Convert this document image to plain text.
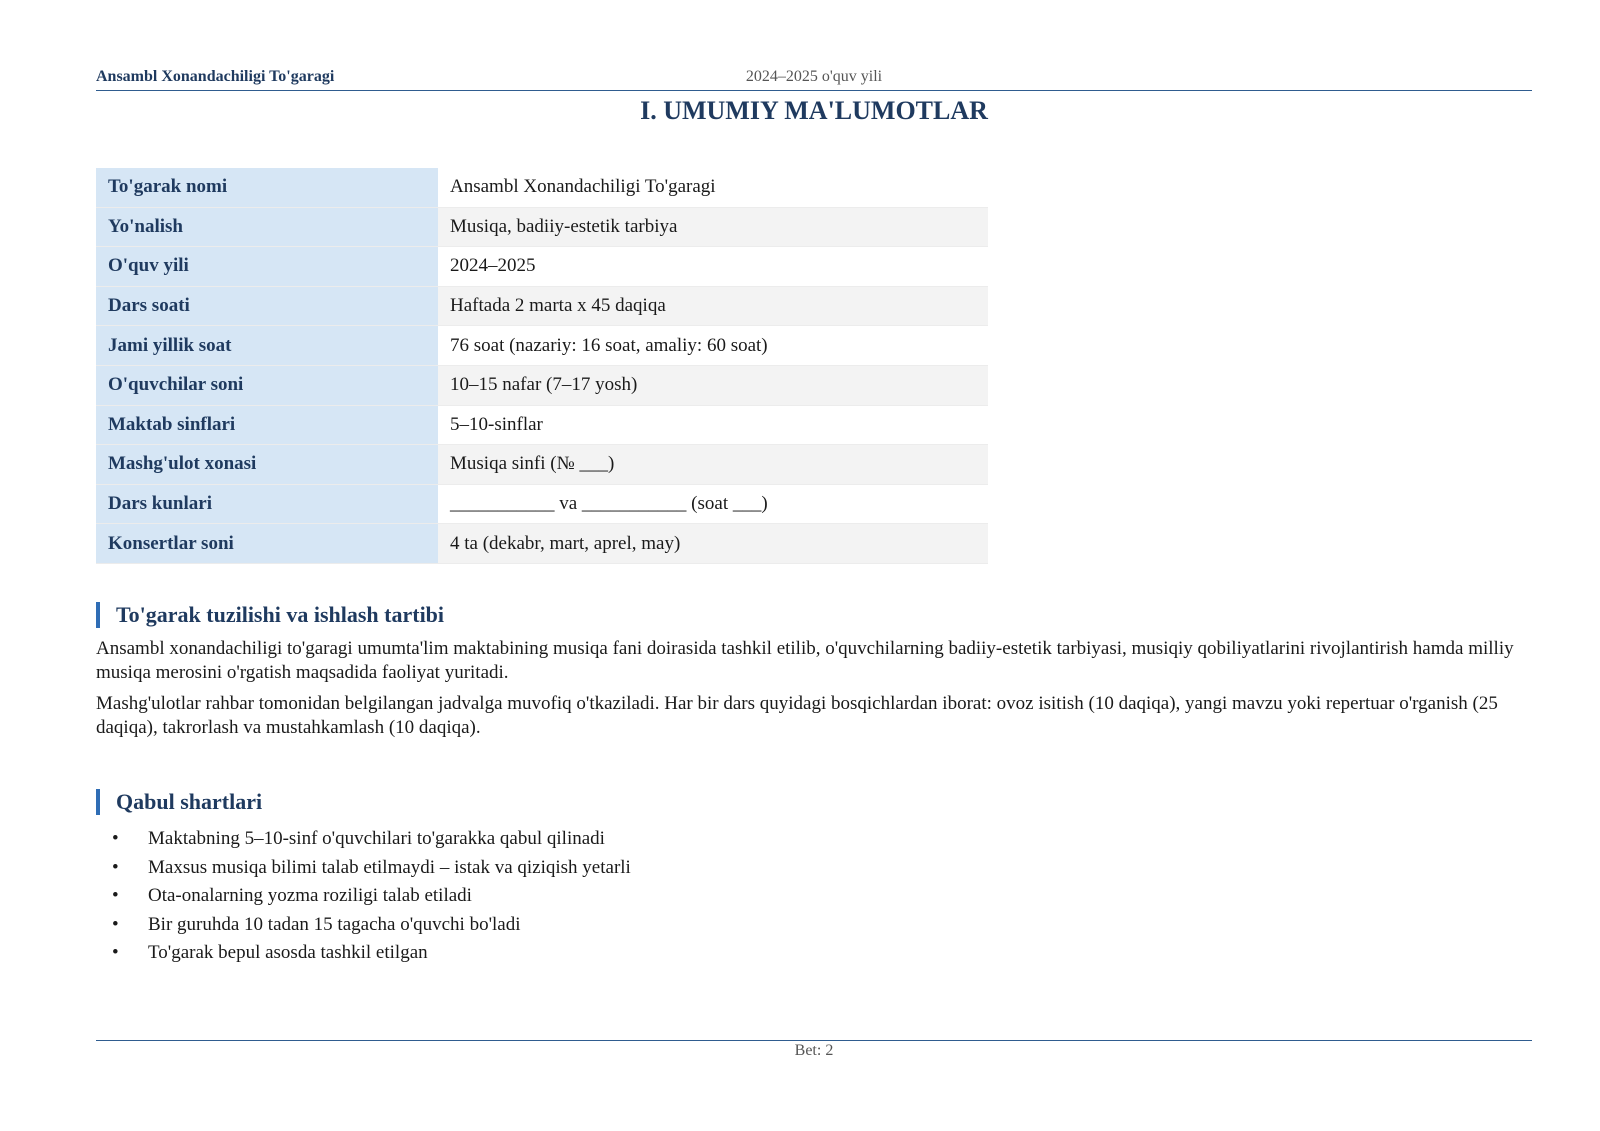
Ansambl Xonandachiligi To'garagi	2024–2025 o'quv yili
I. UMUMIY MA'LUMOTLAR
To'garak nomi	Ansambl Xonandachiligi To'garagi
Yo'nalish	Musiqa, badiiy-estetik tarbiya
O'quv yili	2024–2025
Dars soati	Haftada 2 marta x 45 daqiqa
Jami yillik soat	76 soat (nazariy: 16 soat, amaliy: 60 soat)
O'quvchilar soni	10–15 nafar (7–17 yosh)
Maktab sinflari	5–10-sinflar
Mashg'ulot xonasi	Musiqa sinfi (№ ___)
Dars kunlari	___________ va ___________ (soat ___)
Konsertlar soni	4 ta (dekabr, mart, aprel, may)
To'garak tuzilishi va ishlash tartibi

Ansambl xonandachiligi to'garagi umumta'lim maktabining musiqa fani doirasida tashkil etilib, o'quvchilarning badiiy-estetik tarbiyasi, musiqiy qobiliyatlarini rivojlantirish hamda milliy musiqa merosini o'rgatish maqsadida faoliyat yuritadi.

Mashg'ulotlar rahbar tomonidan belgilangan jadvalga muvofiq o'tkaziladi. Har bir dars quyidagi bosqichlardan iborat: ovoz isitish (10 daqiqa), yangi mavzu yoki repertuar o'rganish (25 daqiqa), takrorlash va mustahkamlash (10 daqiqa).

Qabul shartlari
• Maktabning 5–10-sinf o'quvchilari to'garakka qabul qilinadi
• Maxsus musiqa bilimi talab etilmaydi – istak va qiziqish yetarli
• Ota-onalarning yozma roziligi talab etiladi
• Bir guruhda 10 tadan 15 tagacha o'quvchi bo'ladi
• To'garak bepul asosda tashkil etilgan
Bet: 2
